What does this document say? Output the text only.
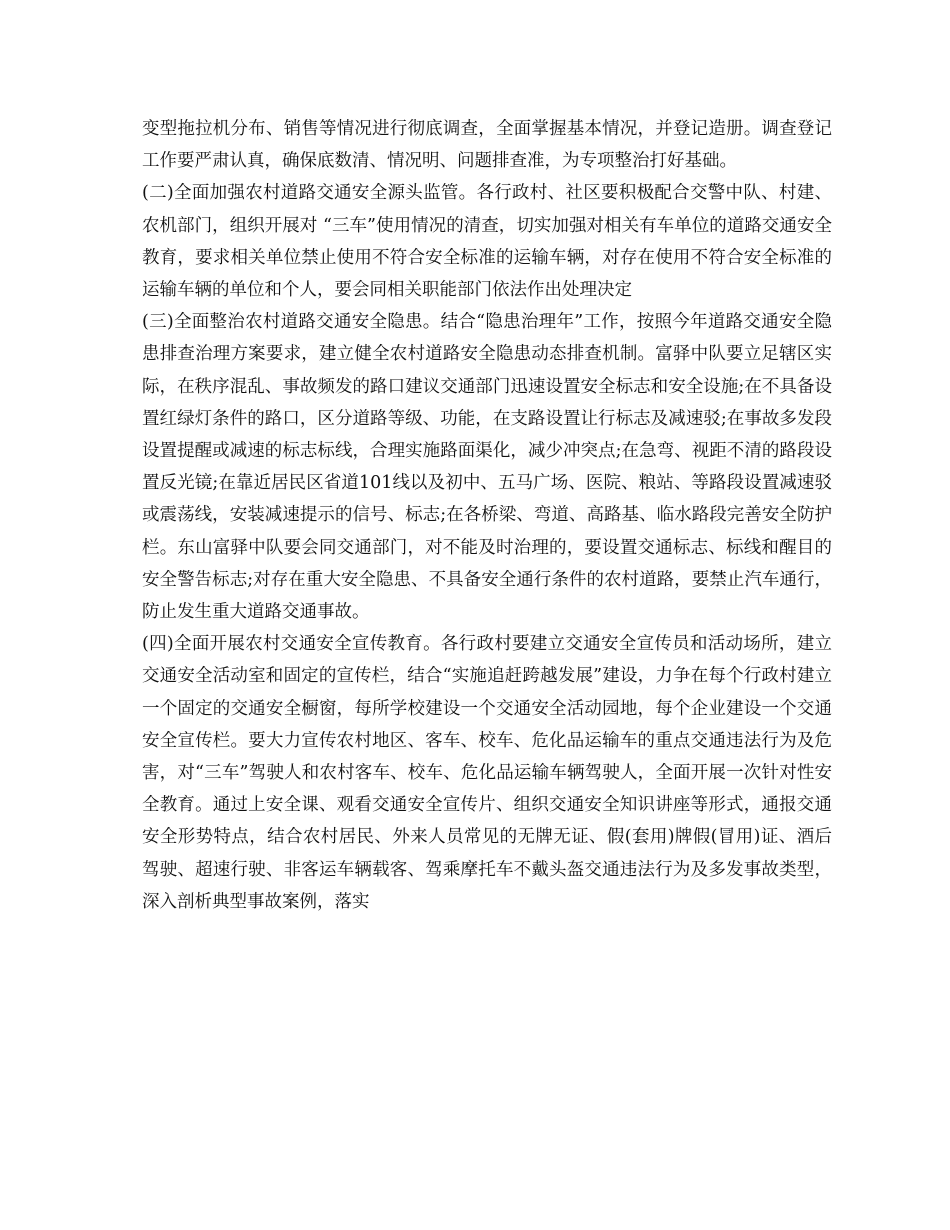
变型拖拉机分布、销售等情况进行彻底调查，全面掌握基本情况，并登记造册。调查登记工作要严肃认真，确保底数清、情况明、问题排查准，为专项整治打好基础。

(二)全面加强农村道路交通安全源头监管。各行政村、社区要积极配合交警中队、村建、农机部门，组织开展对 “三车”使用情况的清查，切实加强对相关有车单位的道路交通安全教育，要求相关单位禁止使用不符合安全标准的运输车辆，对存在使用不符合安全标准的运输车辆的单位和个人，要会同相关职能部门依法作出处理决定

(三)全面整治农村道路交通安全隐患。结合“隐患治理年”工作，按照今年道路交通安全隐患排查治理方案要求，建立健全农村道路安全隐患动态排查机制。富驿中队要立足辖区实际，在秩序混乱、事故频发的路口建议交通部门迅速设置安全标志和安全设施;在不具备设置红绿灯条件的路口，区分道路等级、功能，在支路设置让行标志及减速驳;在事故多发段设置提醒或减速的标志标线，合理实施路面渠化，减少冲突点;在急弯、视距不清的路段设置反光镜;在靠近居民区省道101线以及初中、五马广场、医院、粮站、等路段设置减速驳或震荡线，安装减速提示的信号、标志;在各桥梁、弯道、高路基、临水路段完善安全防护栏。东山富驿中队要会同交通部门，对不能及时治理的，要设置交通标志、标线和醒目的安全警告标志;对存在重大安全隐患、不具备安全通行条件的农村道路，要禁止汽车通行，防止发生重大道路交通事故。

(四)全面开展农村交通安全宣传教育。各行政村要建立交通安全宣传员和活动场所，建立交通安全活动室和固定的宣传栏，结合“实施追赶跨越发展”建设，力争在每个行政村建立一个固定的交通安全橱窗，每所学校建设一个交通安全活动园地，每个企业建设一个交通安全宣传栏。要大力宣传农村地区、客车、校车、危化品运输车的重点交通违法行为及危害，对“三车”驾驶人和农村客车、校车、危化品运输车辆驾驶人，全面开展一次针对性安全教育。通过上安全课、观看交通安全宣传片、组织交通安全知识讲座等形式，通报交通安全形势特点，结合农村居民、外来人员常见的无牌无证、假(套用)牌假(冒用)证、酒后驾驶、超速行驶、非客运车辆载客、驾乘摩托车不戴头盔交通违法行为及多发事故类型，深入剖析典型事故案例，落实
